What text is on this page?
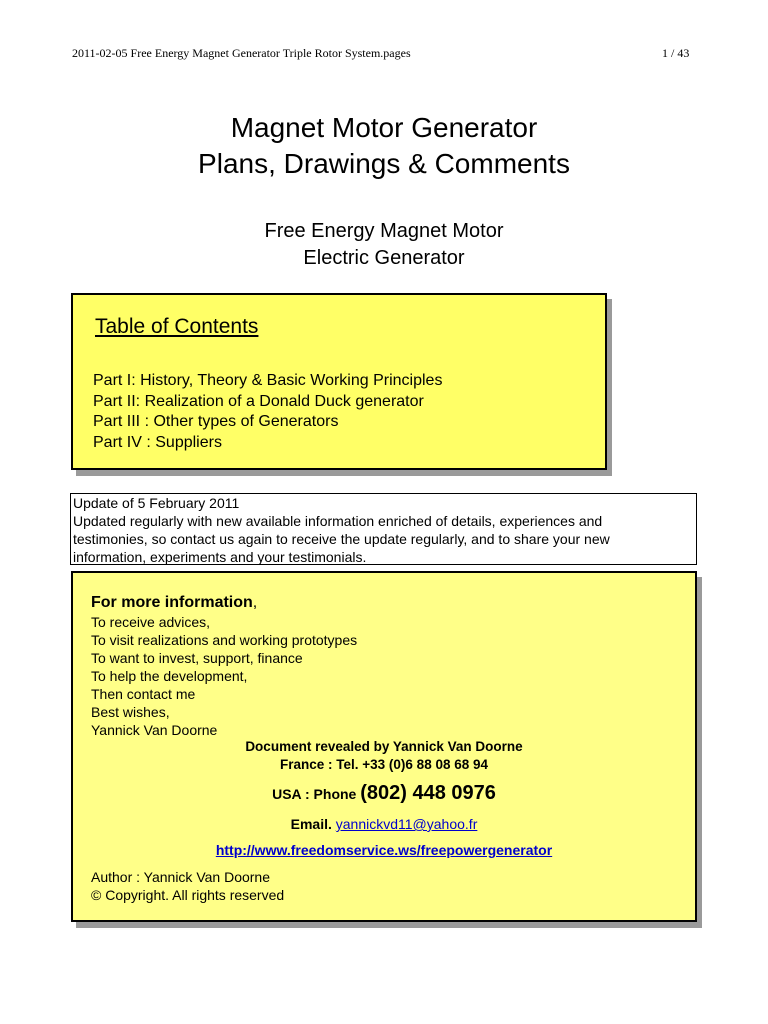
2011-02-05 Free Energy Magnet Generator Triple Rotor System.pages	1 / 43
Magnet Motor Generator
Plans, Drawings & Comments
Free Energy Magnet Motor
Electric Generator
Table of Contents
Part I: History, Theory & Basic Working Principles
Part II: Realization of a Donald Duck generator
Part III : Other types of Generators
Part IV : Suppliers
Update of 5 February 2011
Updated regularly with new available information enriched of details, experiences and
testimonies, so contact us again to receive the update regularly, and to share your new
information, experiments and your testimonials.
For more information,
To receive advices,
To visit realizations and working prototypes
To want to invest, support, finance
To help the development,
Then contact me
Best wishes,
Yannick Van Doorne
Document revealed by Yannick Van Doorne
France : Tel. +33 (0)6 88 08 68 94
USA : Phone (802) 448 0976
Email. yannickvd11@yahoo.fr
http://www.freedomservice.ws/freepowergenerator
Author : Yannick Van Doorne
© Copyright. All rights reserved
